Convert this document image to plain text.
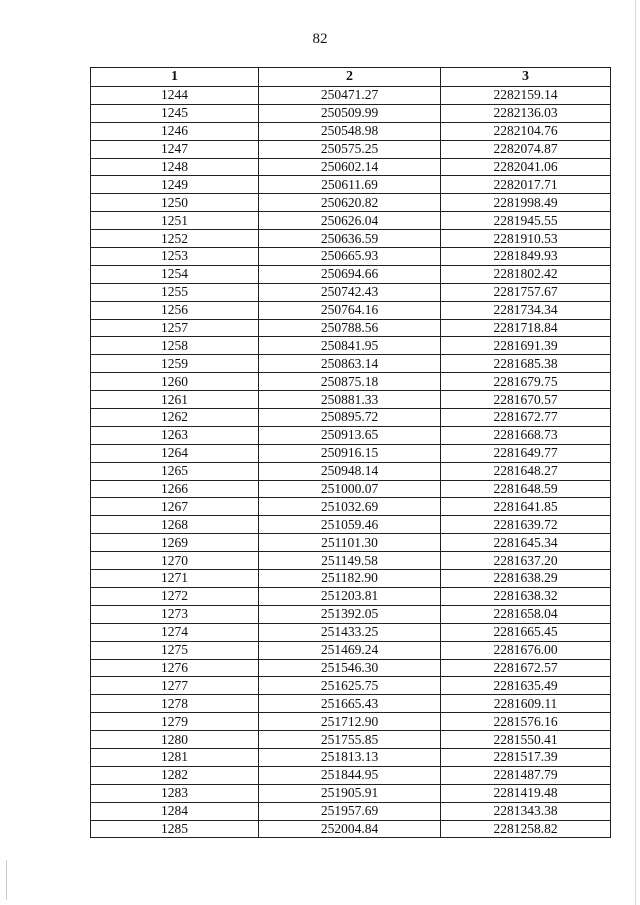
82
1	2	3
1244	250471.27	2282159.14
1245	250509.99	2282136.03
1246	250548.98	2282104.76
1247	250575.25	2282074.87
1248	250602.14	2282041.06
1249	250611.69	2282017.71
1250	250620.82	2281998.49
1251	250626.04	2281945.55
1252	250636.59	2281910.53
1253	250665.93	2281849.93
1254	250694.66	2281802.42
1255	250742.43	2281757.67
1256	250764.16	2281734.34
1257	250788.56	2281718.84
1258	250841.95	2281691.39
1259	250863.14	2281685.38
1260	250875.18	2281679.75
1261	250881.33	2281670.57
1262	250895.72	2281672.77
1263	250913.65	2281668.73
1264	250916.15	2281649.77
1265	250948.14	2281648.27
1266	251000.07	2281648.59
1267	251032.69	2281641.85
1268	251059.46	2281639.72
1269	251101.30	2281645.34
1270	251149.58	2281637.20
1271	251182.90	2281638.29
1272	251203.81	2281638.32
1273	251392.05	2281658.04
1274	251433.25	2281665.45
1275	251469.24	2281676.00
1276	251546.30	2281672.57
1277	251625.75	2281635.49
1278	251665.43	2281609.11
1279	251712.90	2281576.16
1280	251755.85	2281550.41
1281	251813.13	2281517.39
1282	251844.95	2281487.79
1283	251905.91	2281419.48
1284	251957.69	2281343.38
1285	252004.84	2281258.82
